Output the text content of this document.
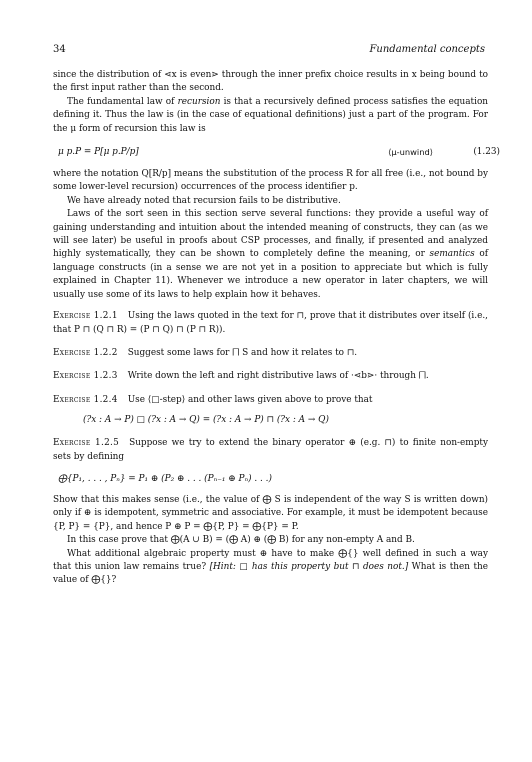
34	Fundamental concepts

since the distribution of ⋖x is even⋗ through the inner prefix choice results in x being bound to the first input rather than the second.

The fundamental law of recursion is that a recursively defined process satisfies the equation defining it. Thus the law is (in the case of equational definitions) just a part of the program. For the μ form of recursion this law is

μ p.P = P[μ p.P/p]	⟨μ-unwind⟩	(1.23)

where the notation Q[R/p] means the substitution of the process R for all free (i.e., not bound by some lower-level recursion) occurrences of the process identifier p.

We have already noted that recursion fails to be distributive.

Laws of the sort seen in this section serve several functions: they provide a useful way of gaining understanding and intuition about the intended meaning of constructs, they can (as we will see later) be useful in proofs about CSP processes, and finally, if presented and analyzed highly systematically, they can be shown to completely define the meaning, or semantics of language constructs (in a sense we are not yet in a position to appreciate but which is fully explained in Chapter 11). Whenever we introduce a new operator in later chapters, we will usually use some of its laws to help explain how it behaves.

Exercise 1.2.1 Using the laws quoted in the text for ⊓, prove that it distributes over itself (i.e., that P ⊓ (Q ⊓ R) = (P ⊓ Q) ⊓ (P ⊓ R)).

Exercise 1.2.2 Suggest some laws for ⨅ S and how it relates to ⊓.

Exercise 1.2.3 Write down the left and right distributive laws of ·⋖b⋗· through ⨅.

Exercise 1.2.4 Use ⟨□-step⟩ and other laws given above to prove that

(?x : A → P) □ (?x : A → Q) = (?x : A → P) ⊓ (?x : A → Q)

Exercise 1.2.5 Suppose we try to extend the binary operator ⊕ (e.g. ⊓) to finite non-empty sets by defining

⨁{P₁, . . . , Pₙ} = P₁ ⊕ (P₂ ⊕ . . . (Pₙ₋₁ ⊕ Pₙ) . . .)

Show that this makes sense (i.e., the value of ⨁ S is independent of the way S is written down) only if ⊕ is idempotent, symmetric and associative. For example, it must be idempotent because {P, P} = {P}, and hence P ⊕ P = ⨁{P, P} = ⨁{P} = P.

In this case prove that ⨁(A ∪ B) = (⨁ A) ⊕ (⨁ B) for any non-empty A and B.

What additional algebraic property must ⊕ have to make ⨁{} well defined in such a way that this union law remains true? [Hint: □ has this property but ⊓ does not.] What is then the value of ⨁{}?
